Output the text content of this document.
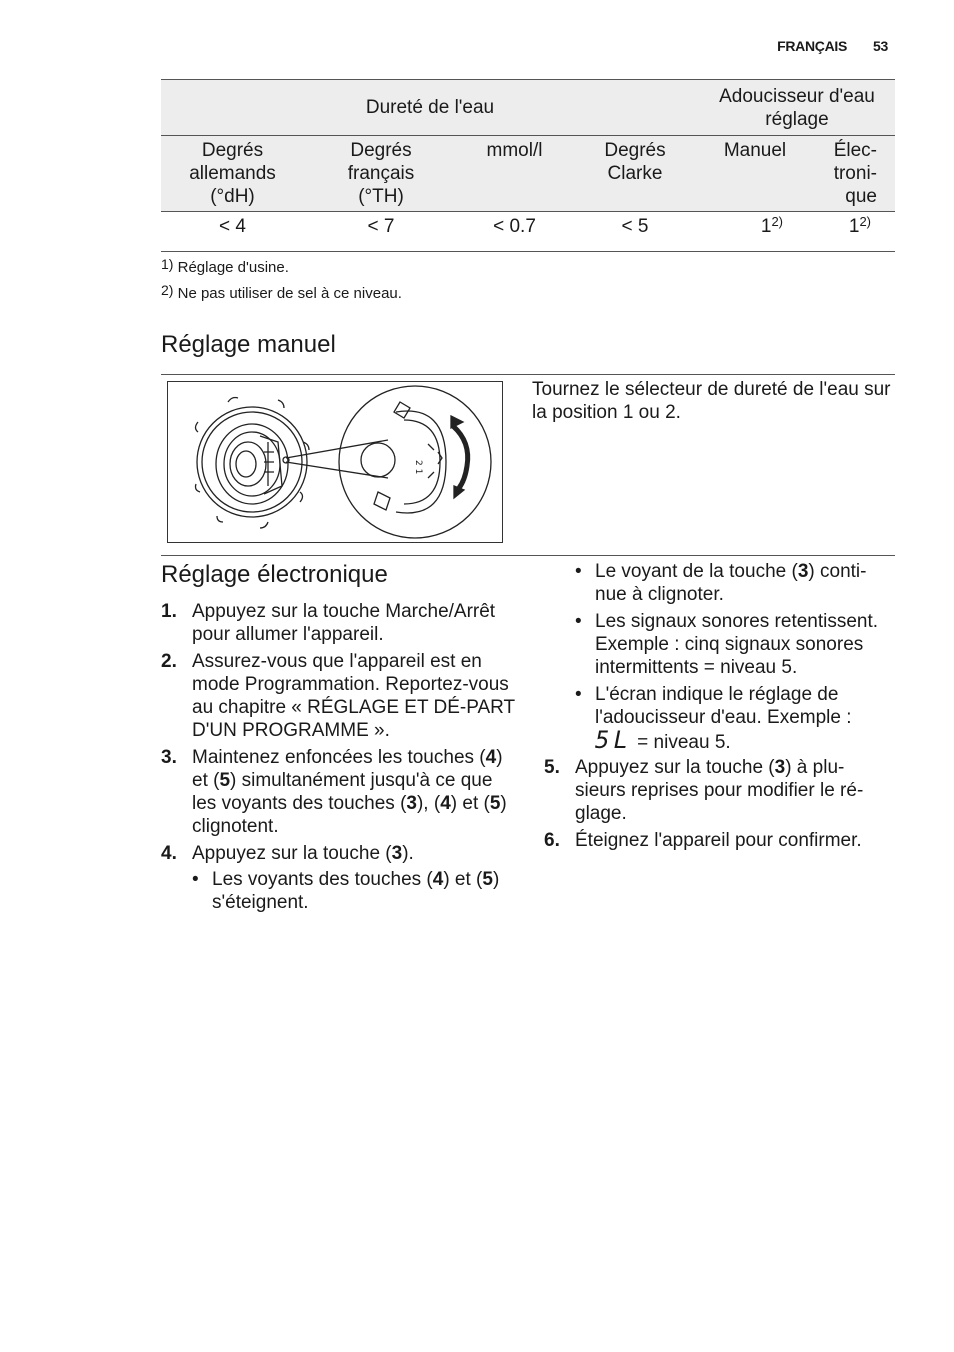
FRANÇAIS 53
Dureté de l'eau				Adoucisseur d'eau réglage	
Degrés allemands (°dH)	Degrés français (°TH)	mmol/l	Degrés Clarke	Manuel	Élec-
troni-
que
< 4	< 7	< 0.7	< 5	1$^{2)}$	1$^{2)}$
$^{1)}$ Réglage d'usine.
$^{2)}$ Ne pas utiliser de sel à ce niveau.
Réglage manuel
2 1
Tournez le sélecteur de dureté de l'eau sur la position 1 ou 2.
Réglage électronique
1. Appuyez sur la touche Marche/Arrêt pour allumer l'appareil.
2. Assurez-vous que l'appareil est en mode Programmation. Reportez-vous au chapitre « RÉGLAGE ET DÉ-PART D'UN PROGRAMME ».
3. Maintenez enfoncées les touches (4) et (5) simultanément jusqu'à ce que les voyants des touches (3), (4) et (5) clignotent.
4. Appuyez sur la touche (3).
• Les voyants des touches (4) et (5) s'éteignent.
• Le voyant de la touche (3) conti-nue à clignoter.
• Les signaux sonores retentissent. Exemple : cinq signaux sonores intermittents = niveau 5.
• L'écran indique le réglage de l'adoucisseur d'eau. Exemple :
5L = niveau 5.
5. Appuyez sur la touche (3) à plu-sieurs reprises pour modifier le ré-glage.
6. Éteignez l'appareil pour confirmer.
